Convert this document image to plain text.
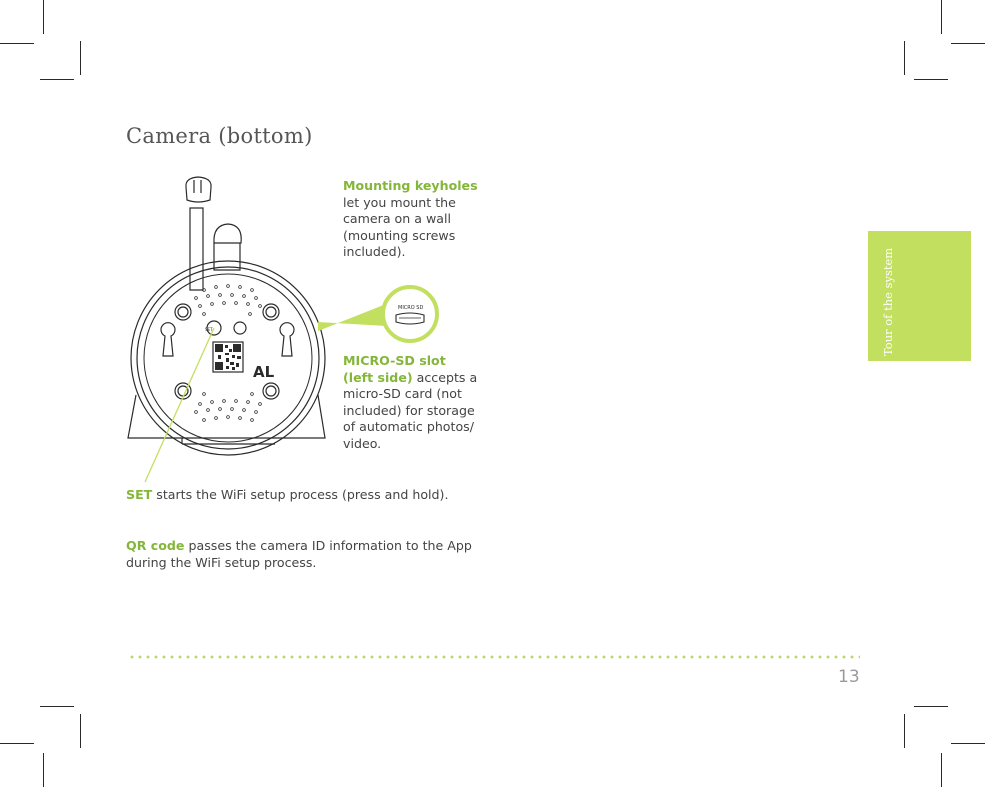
Camera (bottom)
Tour of the system
SET
AL
MICRO SD

Mounting keyholes
let you mount the camera on a wall (mounting screws included).

MICRO-SD slot
(left side) accepts a micro-SD card (not included) for storage of automatic photos/ video.

SET starts the WiFi setup process (press and hold).

QR code passes the camera ID information to the App during the WiFi setup process.

13
